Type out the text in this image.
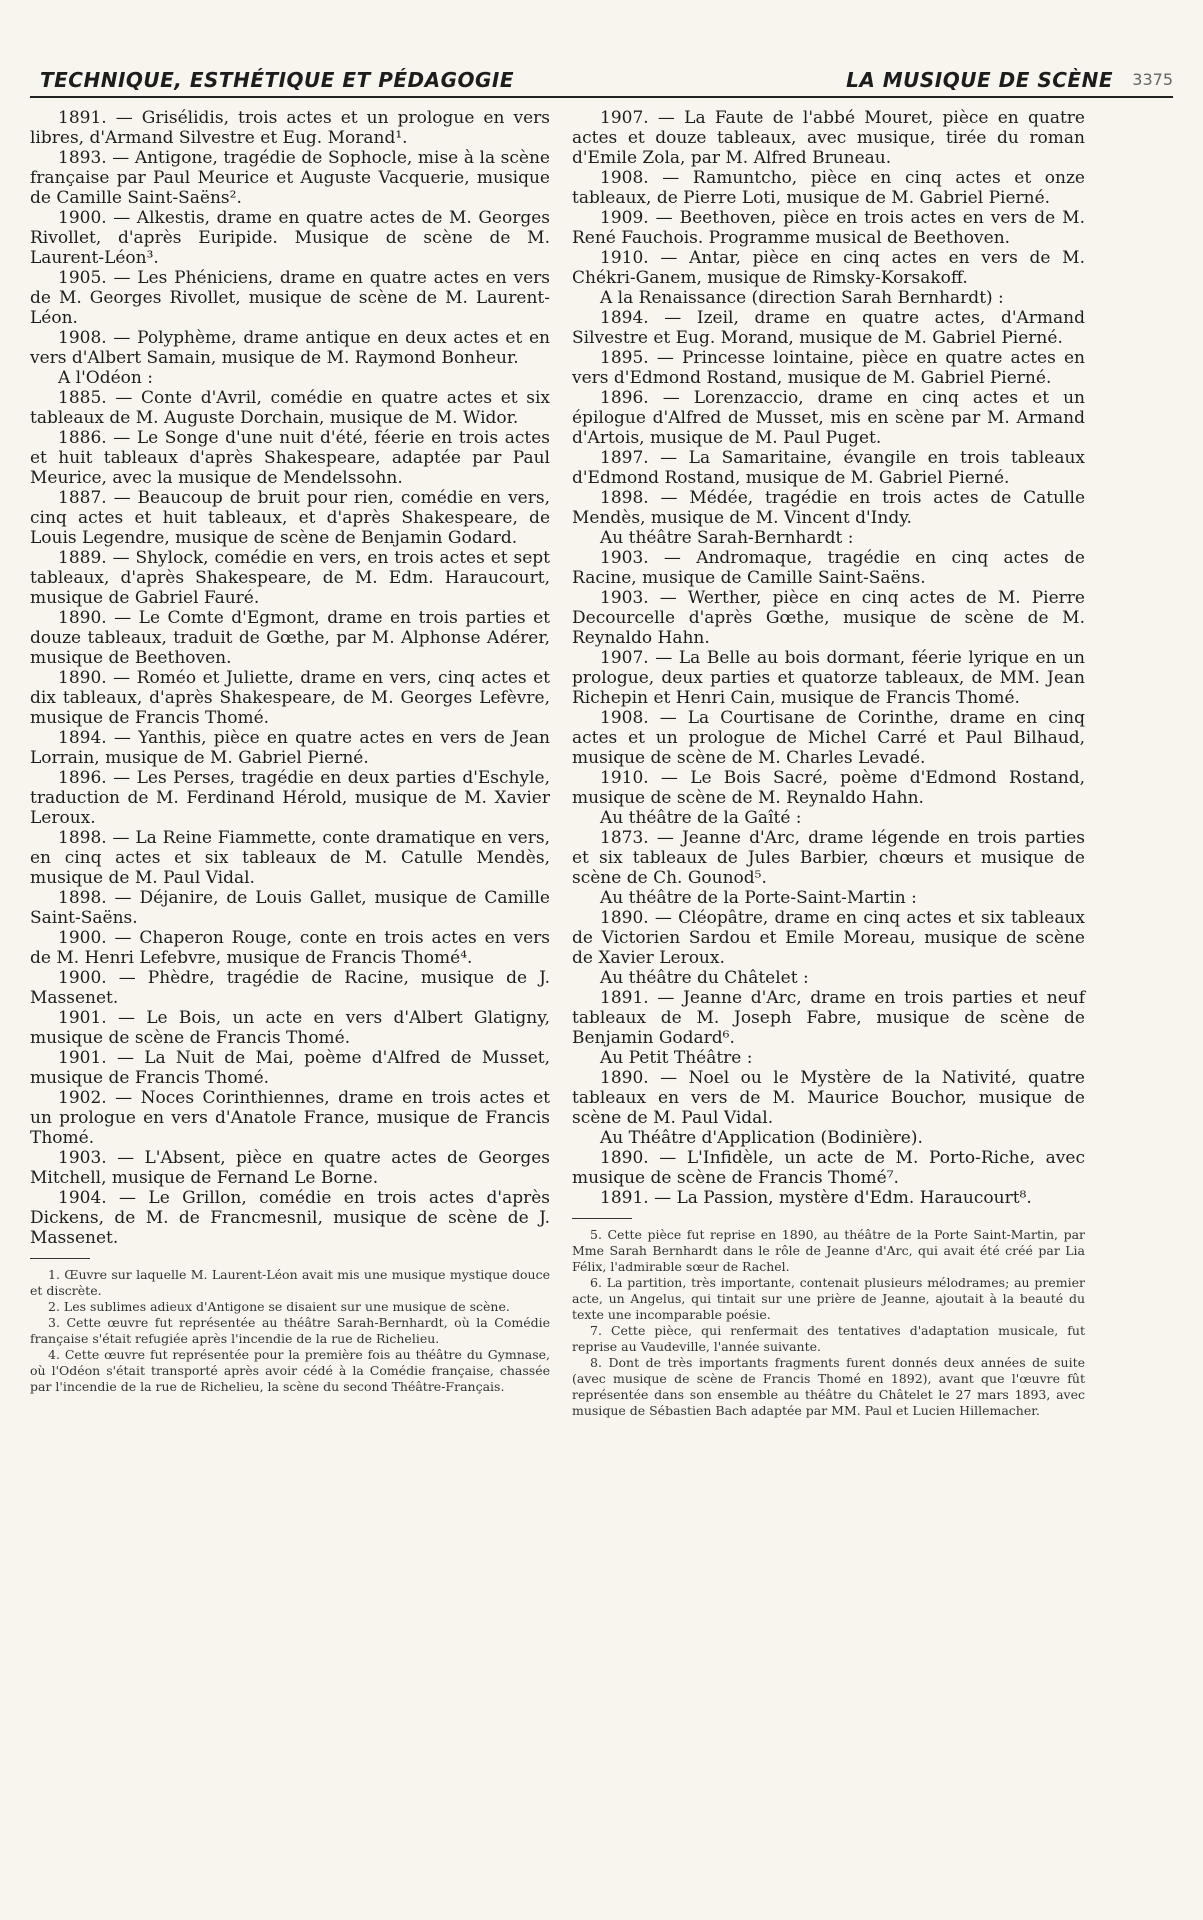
TECHNIQUE, ESTHÉTIQUE ET PÉDAGOGIE	LA MUSIQUE DE SCÈNE 3375

1891. — Grisélidis, trois actes et un prologue en vers libres, d'Armand Silvestre et Eug. Morand¹.

1893. — Antigone, tragédie de Sophocle, mise à la scène française par Paul Meurice et Auguste Vacquerie, musique de Camille Saint-Saëns².

1900. — Alkestis, drame en quatre actes de M. Georges Rivollet, d'après Euripide. Musique de scène de M. Laurent-Léon³.

1905. — Les Phéniciens, drame en quatre actes en vers de M. Georges Rivollet, musique de scène de M. Laurent-Léon.

1908. — Polyphème, drame antique en deux actes et en vers d'Albert Samain, musique de M. Raymond Bonheur.

A l'Odéon :

1885. — Conte d'Avril, comédie en quatre actes et six tableaux de M. Auguste Dorchain, musique de M. Widor.

1886. — Le Songe d'une nuit d'été, féerie en trois actes et huit tableaux d'après Shakespeare, adaptée par Paul Meurice, avec la musique de Mendelssohn.

1887. — Beaucoup de bruit pour rien, comédie en vers, cinq actes et huit tableaux, et d'après Shakespeare, de Louis Legendre, musique de scène de Benjamin Godard.

1889. — Shylock, comédie en vers, en trois actes et sept tableaux, d'après Shakespeare, de M. Edm. Haraucourt, musique de Gabriel Fauré.

1890. — Le Comte d'Egmont, drame en trois parties et douze tableaux, traduit de Gœthe, par M. Alphonse Adérer, musique de Beethoven.

1890. — Roméo et Juliette, drame en vers, cinq actes et dix tableaux, d'après Shakespeare, de M. Georges Lefèvre, musique de Francis Thomé.

1894. — Yanthis, pièce en quatre actes en vers de Jean Lorrain, musique de M. Gabriel Pierné.

1896. — Les Perses, tragédie en deux parties d'Eschyle, traduction de M. Ferdinand Hérold, musique de M. Xavier Leroux.

1898. — La Reine Fiammette, conte dramatique en vers, en cinq actes et six tableaux de M. Catulle Mendès, musique de M. Paul Vidal.

1898. — Déjanire, de Louis Gallet, musique de Camille Saint-Saëns.

1900. — Chaperon Rouge, conte en trois actes en vers de M. Henri Lefebvre, musique de Francis Thomé⁴.

1900. — Phèdre, tragédie de Racine, musique de J. Massenet.

1901. — Le Bois, un acte en vers d'Albert Glatigny, musique de scène de Francis Thomé.

1901. — La Nuit de Mai, poème d'Alfred de Musset, musique de Francis Thomé.

1902. — Noces Corinthiennes, drame en trois actes et un prologue en vers d'Anatole France, musique de Francis Thomé.

1903. — L'Absent, pièce en quatre actes de Georges Mitchell, musique de Fernand Le Borne.

1904. — Le Grillon, comédie en trois actes d'après Dickens, de M. de Francmesnil, musique de scène de J. Massenet.

1. Œuvre sur laquelle M. Laurent-Léon avait mis une musique mystique douce et discrète.

2. Les sublimes adieux d'Antigone se disaient sur une musique de scène.

3. Cette œuvre fut représentée au théâtre Sarah-Bernhardt, où la Comédie française s'était refugiée après l'incendie de la rue de Richelieu.

4. Cette œuvre fut représentée pour la première fois au théâtre du Gymnase, où l'Odéon s'était transporté après avoir cédé à la Comédie française, chassée par l'incendie de la rue de Richelieu, la scène du second Théâtre-Français.

1907. — La Faute de l'abbé Mouret, pièce en quatre actes et douze tableaux, avec musique, tirée du roman d'Emile Zola, par M. Alfred Bruneau.

1908. — Ramuntcho, pièce en cinq actes et onze tableaux, de Pierre Loti, musique de M. Gabriel Pierné.

1909. — Beethoven, pièce en trois actes en vers de M. René Fauchois. Programme musical de Beethoven.

1910. — Antar, pièce en cinq actes en vers de M. Chékri-Ganem, musique de Rimsky-Korsakoff.

A la Renaissance (direction Sarah Bernhardt) :

1894. — Izeil, drame en quatre actes, d'Armand Silvestre et Eug. Morand, musique de M. Gabriel Pierné.

1895. — Princesse lointaine, pièce en quatre actes en vers d'Edmond Rostand, musique de M. Gabriel Pierné.

1896. — Lorenzaccio, drame en cinq actes et un épilogue d'Alfred de Musset, mis en scène par M. Armand d'Artois, musique de M. Paul Puget.

1897. — La Samaritaine, évangile en trois tableaux d'Edmond Rostand, musique de M. Gabriel Pierné.

1898. — Médée, tragédie en trois actes de Catulle Mendès, musique de M. Vincent d'Indy.

Au théâtre Sarah-Bernhardt :

1903. — Andromaque, tragédie en cinq actes de Racine, musique de Camille Saint-Saëns.

1903. — Werther, pièce en cinq actes de M. Pierre Decourcelle d'après Gœthe, musique de scène de M. Reynaldo Hahn.

1907. — La Belle au bois dormant, féerie lyrique en un prologue, deux parties et quatorze tableaux, de MM. Jean Richepin et Henri Cain, musique de Francis Thomé.

1908. — La Courtisane de Corinthe, drame en cinq actes et un prologue de Michel Carré et Paul Bilhaud, musique de scène de M. Charles Levadé.

1910. — Le Bois Sacré, poème d'Edmond Rostand, musique de scène de M. Reynaldo Hahn.

Au théâtre de la Gaîté :

1873. — Jeanne d'Arc, drame légende en trois parties et six tableaux de Jules Barbier, chœurs et musique de scène de Ch. Gounod⁵.

Au théâtre de la Porte-Saint-Martin :

1890. — Cléopâtre, drame en cinq actes et six tableaux de Victorien Sardou et Emile Moreau, musique de scène de Xavier Leroux.

Au théâtre du Châtelet :

1891. — Jeanne d'Arc, drame en trois parties et neuf tableaux de M. Joseph Fabre, musique de scène de Benjamin Godard⁶.

Au Petit Théâtre :

1890. — Noel ou le Mystère de la Nativité, quatre tableaux en vers de M. Maurice Bouchor, musique de scène de M. Paul Vidal.

Au Théâtre d'Application (Bodinière).

1890. — L'Infidèle, un acte de M. Porto-Riche, avec musique de scène de Francis Thomé⁷.

1891. — La Passion, mystère d'Edm. Haraucourt⁸.

5. Cette pièce fut reprise en 1890, au théâtre de la Porte Saint-Martin, par Mme Sarah Bernhardt dans le rôle de Jeanne d'Arc, qui avait été créé par Lia Félix, l'admirable sœur de Rachel.

6. La partition, très importante, contenait plusieurs mélodrames; au premier acte, un Angelus, qui tintait sur une prière de Jeanne, ajoutait à la beauté du texte une incomparable poésie.

7. Cette pièce, qui renfermait des tentatives d'adaptation musicale, fut reprise au Vaudeville, l'année suivante.

8. Dont de très importants fragments furent donnés deux années de suite (avec musique de scène de Francis Thomé en 1892), avant que l'œuvre fût représentée dans son ensemble au théâtre du Châtelet le 27 mars 1893, avec musique de Sébastien Bach adaptée par MM. Paul et Lucien Hillemacher.
